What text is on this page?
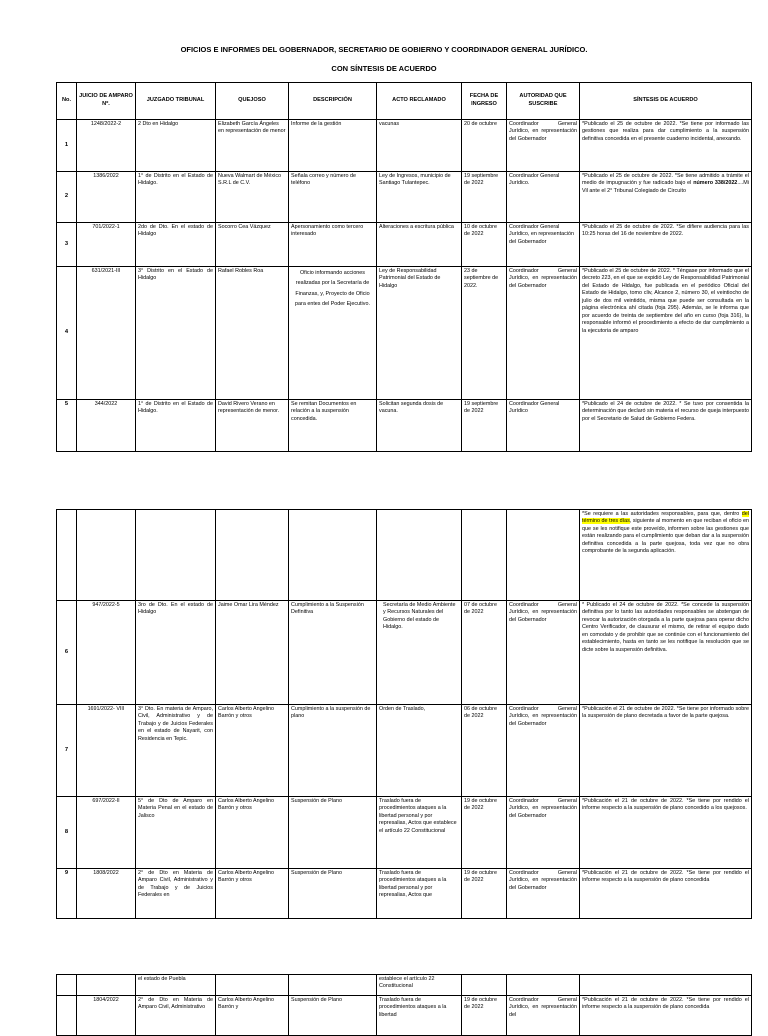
OFICIOS E INFORMES DEL GOBERNADOR, SECRETARIO DE GOBIERNO Y COORDINADOR GENERAL JURÍDICO.
CON SÍNTESIS DE ACUERDO
No.	JUICIO DE AMPARO Nº.	JUZGADO TRIBUNAL	QUEJOSO	DESCRIPCIÓN	ACTO RECLAMADO	FECHA DE INGRESO	AUTORIDAD QUE SUSCRIBE	SÍNTESIS DE ACUERDO
1	1248/2022-2	2 Dto en Hidalgo	Elizabeth García Ángeles en representación de menor	Informe de la gestión	vacunas	20 de octubre	Coordinador General Jurídico, en representación del Gobernador	*Publicado el 25 de octubre de 2022. *Se tiene por informado las gestiones que realiza para dar cumplimiento a la suspensión definitiva concedida en el presente cuaderno incidental, anexando.
2	1386/2022	1° de Distrito en el Estado de Hidalgo.	Nueva Walmart de México S.R.L de C.V.	Señala correo y número de teléfono	Ley de Ingresos, municipio de Santiago Tulantepec.	19 septiembre de 2022	Coordinador General Jurídico.	*Publicado el 25 de octubre de 2022. *Se tiene admitido a trámite el medio de impugnación y fue radicado bajo el número 338/2022....Mi Vil ante el 2° Tribunal Colegiado de Circuito
3	701/2022-1	2do de Dto. En el estado de Hidalgo	Socorro Cea Vázquez	Apersonamiento como tercero interesado	Alteraciones a escritura pública	10 de octubre de 2022	Coordinador General Jurídico, en representación del Gobernador	*Publicado el 25 de octubre de 2022. *Se difiere audiencia para las 10:25 horas del 16 de noviembre de 2022.
4	631/2021-III	3° Distrito en el Estado de Hidalgo	Rafael Robles Roa	Oficio informando acciones realizadas por la Secretaría de Finanzas, y, Proyecto de Oficio para entes del Poder Ejecutivo.	Ley de Responsabilidad Patrimonial del Estado de Hidalgo	23 de septiembre de 2022.	Coordinador General Jurídico, en representación del Gobernador	*Publicado el 25 de octubre de 2022. * Téngase por informado que el decreto 223, en el que se expidió Ley de Responsabilidad Patrimonial del Estado de Hidalgo, fue publicada en el periódico Oficial del Estado de Hidalgo, tomo cliv, Alcance 2, número 30, el veintiocho de julio de dos mil veintidós, misma que puede ser consultada en la página electrónica ahí citada (foja 295). Además, se le informa que por acuerdo de treinta de septiembre del año en curso (foja 316), la responsable informó el procedimiento a efecto de dar cumplimiento a la ejecutoria de amparo
5	344/2022	1° de Distrito en el Estado de Hidalgo.	David Rivero Verano en representación de menor.	Se remitan Documentos en relación a la suspensión concedida.	Solicitan segunda dosis de vacuna.	19 septiembre de 2022	Coordinador General Jurídico	*Publicado el 24 de octubre de 2022. * Se tuvo por consentida la determinación que declaró sin materia el recurso de queja interpuesto por el Secretario de Salud de Gobierno Federa.
								*Se requiere a las autoridades responsables, para que, dentro del término de tres días, siguiente al momento en que reciban el oficio en que se les notifique este proveído, informen sobre las gestiones que están realizando para el cumplimiento que deban dar a la suspensión definitiva concedida a la parte quejosa, toda vez que no obra comprobante de la segunda aplicación.
6	947/2022-5	3ro de Dto. En el estado de Hidalgo	Jaime Omar Lira Méndez	Cumplimiento a la Suspensión Definitiva	Secretaría de Medio Ambiente y Recursos Naturales del Gobierno del estado de Hidalgo.	07 de octubre de 2022	Coordinador General Jurídico, en representación del Gobernador	* Publicado el 24 de octubre de 2022. *Se concede la suspensión definitiva por lo tanto las autoridades responsables se abstengan de revocar la autorización otorgada a la parte quejosa para operar dicho Centro Verificador, de clausurar el mismo, de retirar el equipo dado en comodato y de prohibir que se continúe con el funcionamiento del establecimiento, hasta en tanto se les notifique la resolución que se dicte sobre la suspensión definitiva.
7	1691/2022- VIII	3° Dto. En materia de Amparo, Civil, Administrativo y de Trabajo y de Juicios Federales en el estado de Nayarit, con Residencia en Tepic.	Carlos Alberto Angelino Barrón y otros	Cumplimiento a la suspensión de plano	Orden de Traslado,	06 de octubre de 2022	Coordinador General Jurídico, en representación del Gobernador	*Publicación el 21 de octubre de 2022. *Se tiene por informado sobre la suspensión de plano decretada a favor de la parte quejosa.
8	697/2022-II	5° de Dto de Amparo en Materia Penal en el estado de Jalisco	Carlos Alberto Angelino Barrón y otros	Suspensión de Plano	Traslado fuera de procedimientos ataques a la libertad personal y por represalias, Actos que establece el artículo 22 Constitucional	19 de octubre de 2022	Coordinador General Jurídico, en representación del Gobernador	*Publicación el 21 de octubre de 2022. *Se tiene por rendido el informe respecto a la suspensión de plano concedido a los quejosos.
9	1808/2022	2° de Dto en Materia de Amparo Civil, Administrativo y de Trabajo y de Juicios Federales en	Carlos Alberto Angelino Barrón y otros	Suspensión de Plano	Traslado fuera de procedimientos ataques a la libertad personal y por represalias, Actos que	19 de octubre de 2022	Coordinador General Jurídico, en representación del Gobernador	*Publicación el 21 de octubre de 2022. *Se tiene por rendido el informe respecto a la suspensión de plano concedida
		el estado de Puebla			establece el artículo 22 Constitucional			
	1804/2022	2° de Dto en Materia de Amparo Civil, Administrativo	Carlos Alberto Angelino Barrón y	Suspensión de Plano	Traslado fuera de procedimientos ataques a la libertad	19 de octubre de 2022	Coordinador General Jurídico, en representación del	*Publicación el 21 de octubre de 2022. *Se tiene por rendido el informe respecto a la suspensión de plano concedida
